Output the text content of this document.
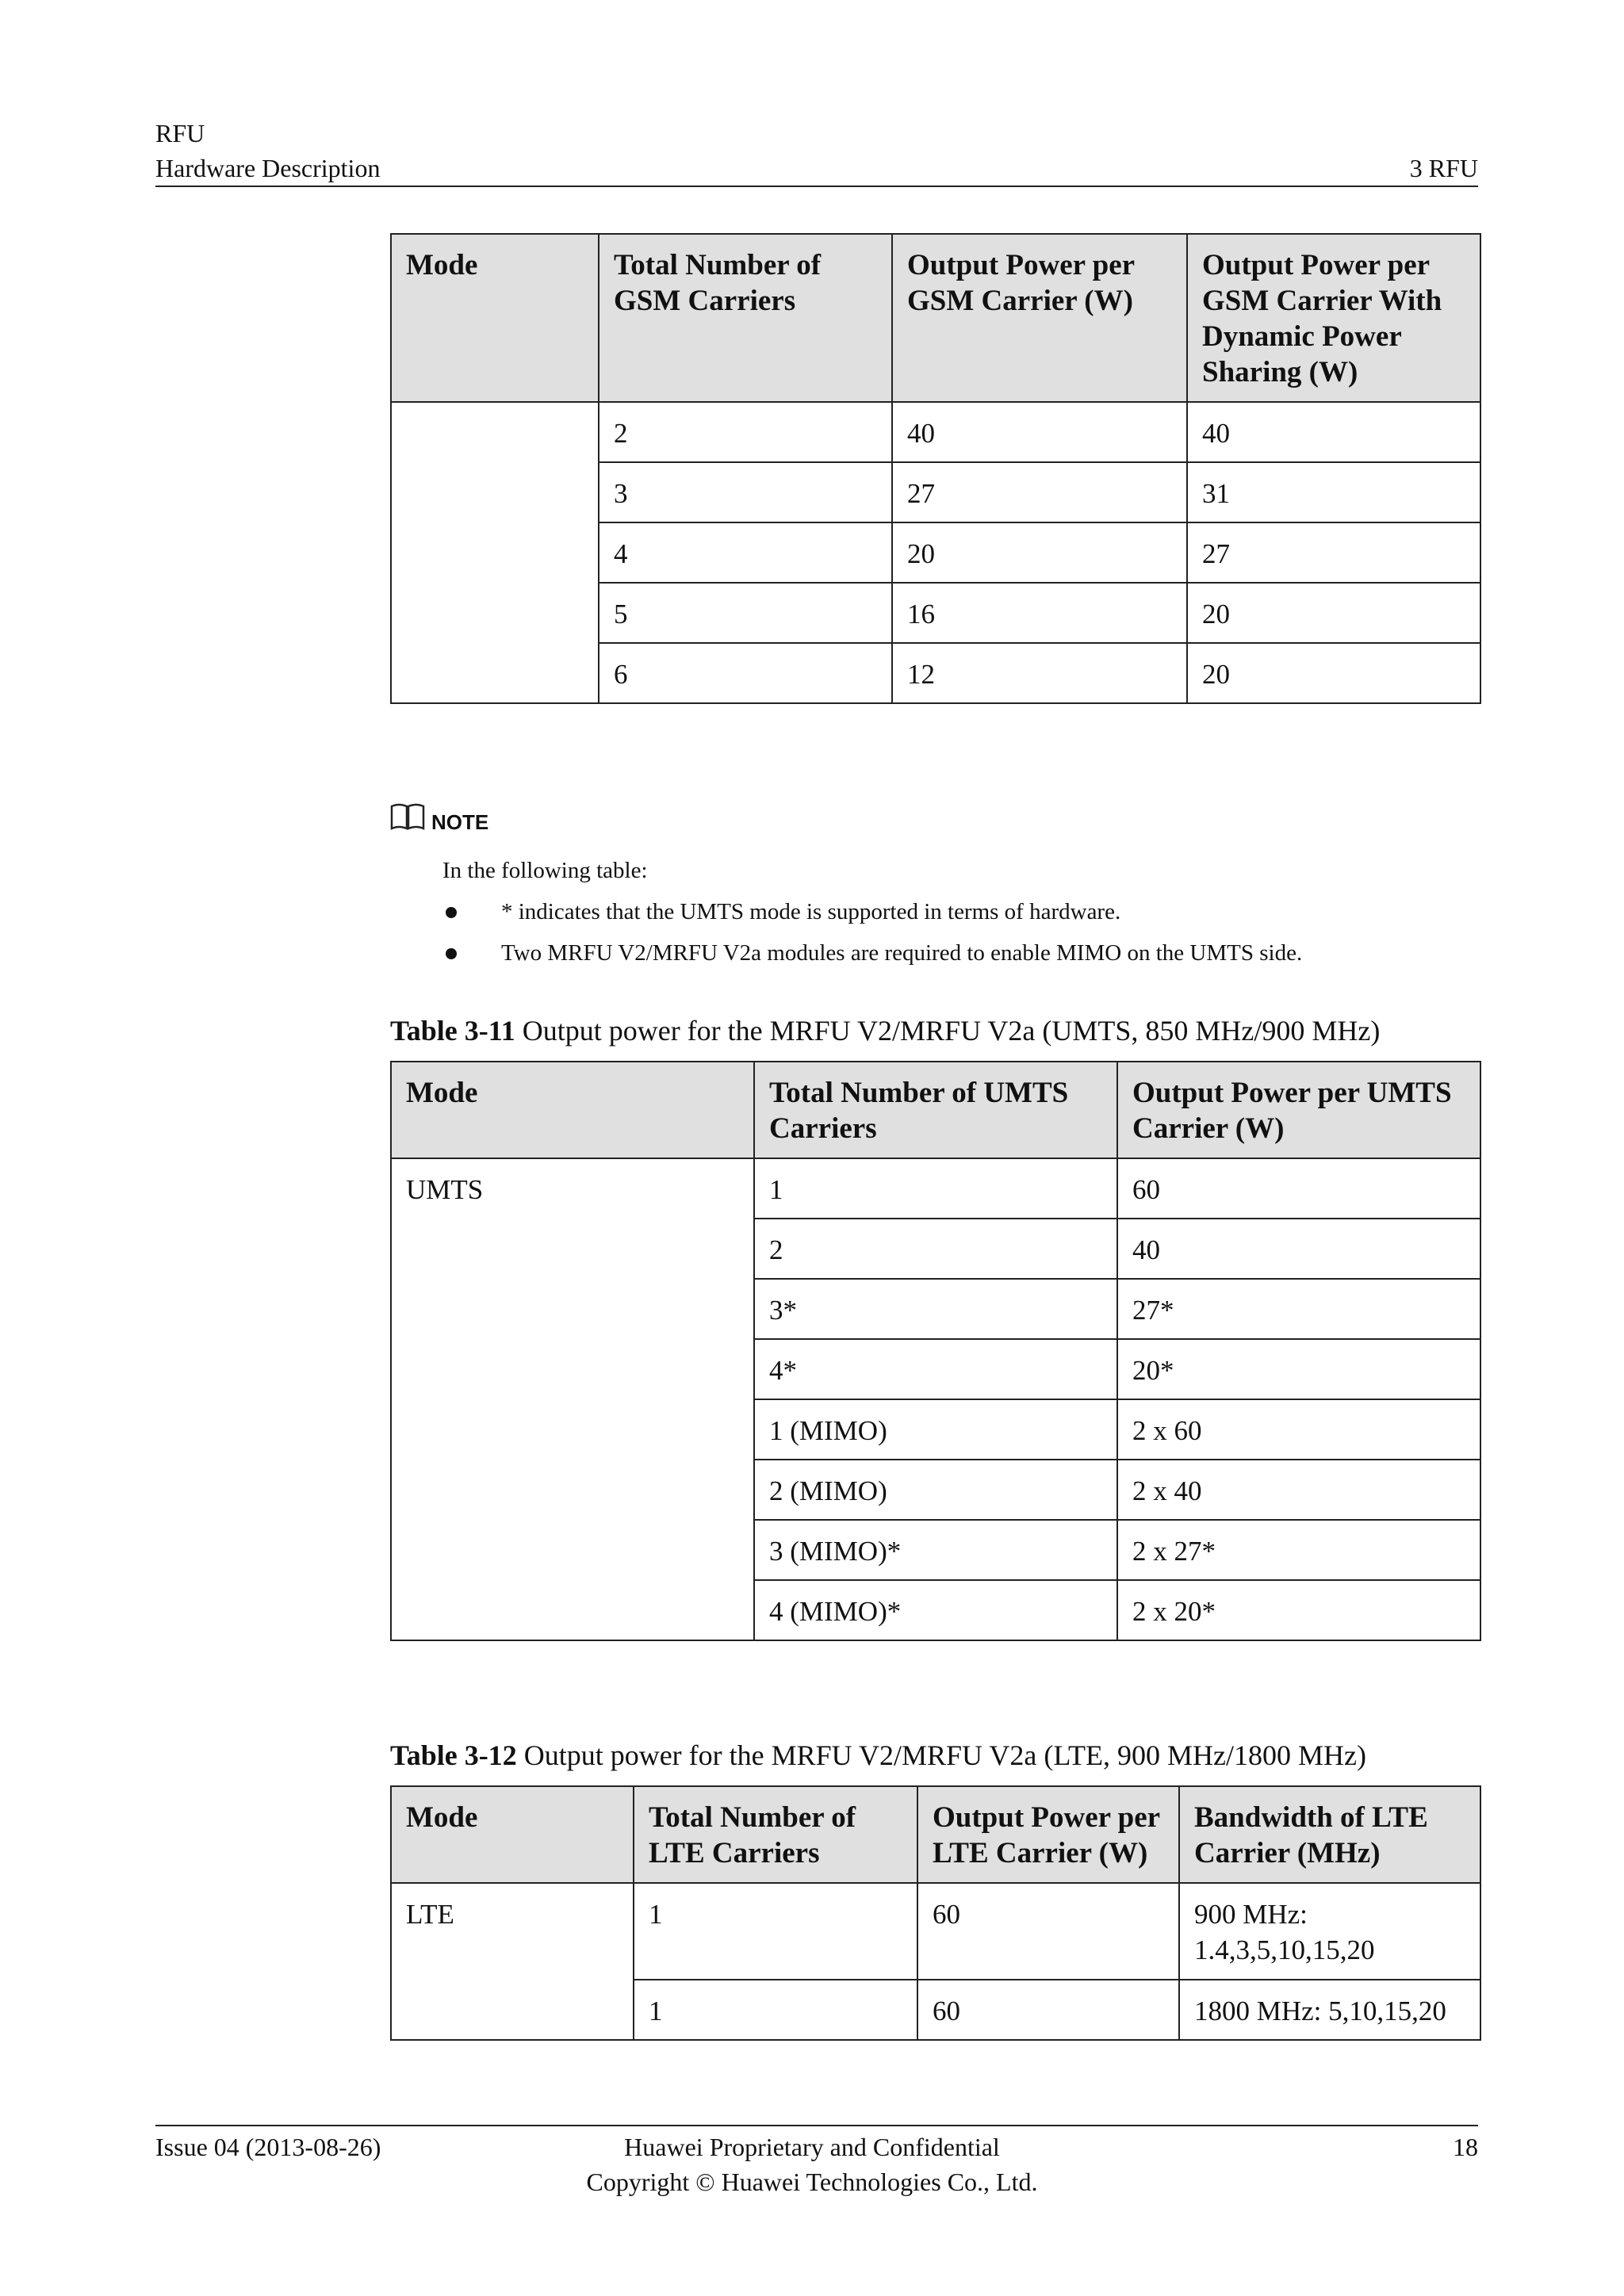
RFU
Hardware Description	3 RFU
Mode	Total Number of GSM Carriers	Output Power per GSM Carrier (W)	Output Power per GSM Carrier With Dynamic Power Sharing (W)
	2	40	40
	3	27	31
	4	20	27
	5	16	20
	6	12	20
NOTE
In the following table:
* indicates that the UMTS mode is supported in terms of hardware.
Two MRFU V2/MRFU V2a modules are required to enable MIMO on the UMTS side.
Table 3-11 Output power for the MRFU V2/MRFU V2a (UMTS, 850 MHz/900 MHz)
Mode	Total Number of UMTS Carriers	Output Power per UMTS Carrier (W)
UMTS	1	60
	2	40
	3*	27*
	4*	20*
	1 (MIMO)	2 x 60
	2 (MIMO)	2 x 40
	3 (MIMO)*	2 x 27*
	4 (MIMO)*	2 x 20*
Table 3-12 Output power for the MRFU V2/MRFU V2a (LTE, 900 MHz/1800 MHz)
Mode	Total Number of LTE Carriers	Output Power per LTE Carrier (W)	Bandwidth of LTE Carrier (MHz)
LTE	1	60	900 MHz: 1.4,3,5,10,15,20
	1	60	1800 MHz: 5,10,15,20
Issue 04 (2013-08-26)	Huawei Proprietary and Confidential
Copyright © Huawei Technologies Co., Ltd.
18
